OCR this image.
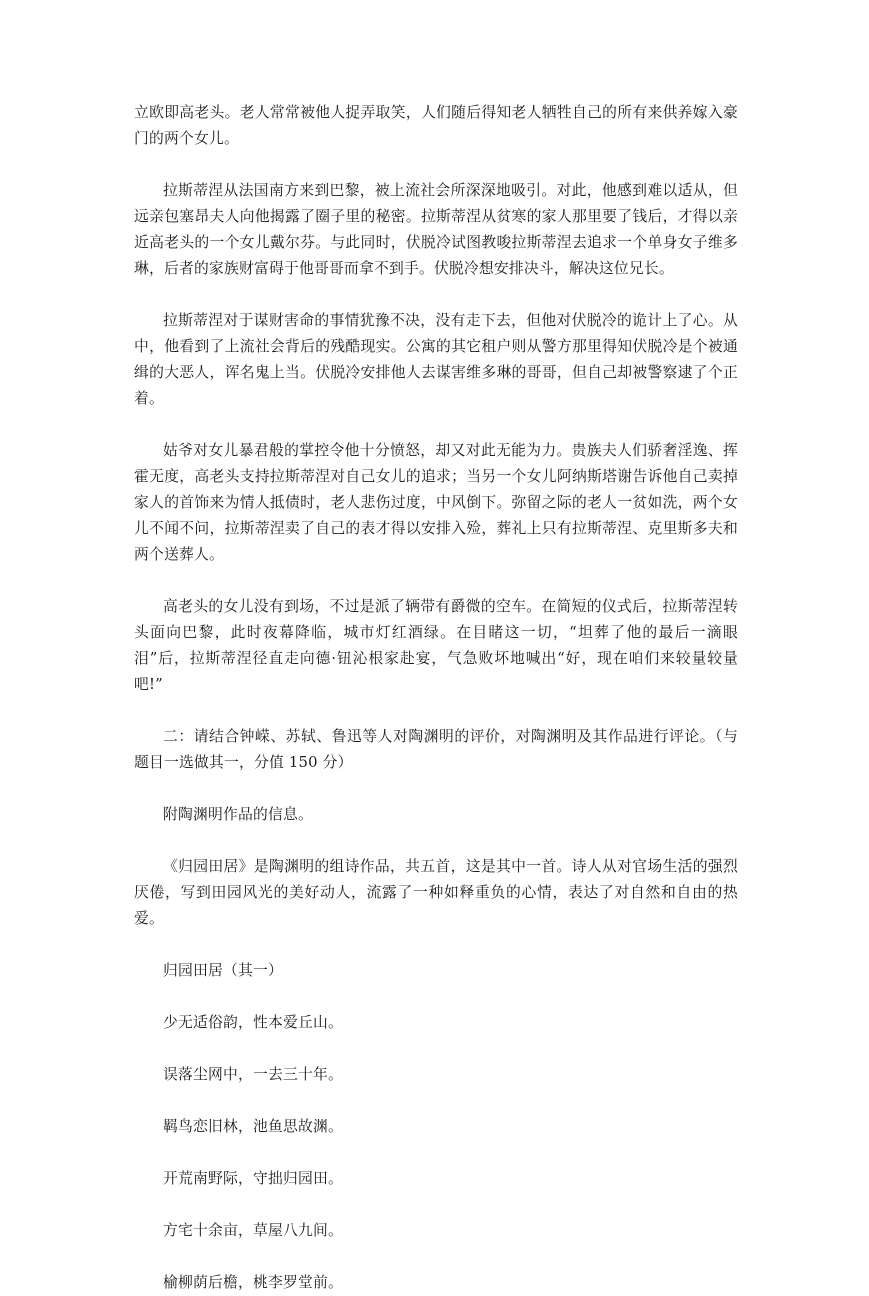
立欧即高老头。老人常常被他人捉弄取笑，人们随后得知老人牺牲自己的所有来供养嫁入豪门的两个女儿。

拉斯蒂涅从法国南方来到巴黎，被上流社会所深深地吸引。对此，他感到难以适从，但远亲包塞昂夫人向他揭露了圈子里的秘密。拉斯蒂涅从贫寒的家人那里要了钱后，才得以亲近高老头的一个女儿戴尔芬。与此同时，伏脱冷试图教唆拉斯蒂涅去追求一个单身女子维多琳，后者的家族财富碍于他哥哥而拿不到手。伏脱冷想安排决斗，解决这位兄长。

拉斯蒂涅对于谋财害命的事情犹豫不决，没有走下去，但他对伏脱冷的诡计上了心。从中，他看到了上流社会背后的残酷现实。公寓的其它租户则从警方那里得知伏脱冷是个被通缉的大恶人，诨名鬼上当。伏脱冷安排他人去谋害维多琳的哥哥，但自己却被警察逮了个正着。

姑爷对女儿暴君般的掌控令他十分愤怒，却又对此无能为力。贵族夫人们骄奢淫逸、挥霍无度，高老头支持拉斯蒂涅对自己女儿的追求；当另一个女儿阿纳斯塔谢告诉他自己卖掉家人的首饰来为情人抵债时，老人悲伤过度，中风倒下。弥留之际的老人一贫如洗，两个女儿不闻不问，拉斯蒂涅卖了自己的表才得以安排入殓，葬礼上只有拉斯蒂涅、克里斯多夫和两个送葬人。

高老头的女儿没有到场，不过是派了辆带有爵微的空车。在简短的仪式后，拉斯蒂涅转头面向巴黎，此时夜幕降临，城市灯红酒绿。在目睹这一切，“坦葬了他的最后一滴眼泪”后，拉斯蒂涅径直走向德·钮沁根家赴宴，气急败坏地喊出“好，现在咱们来较量较量吧!”

二：请结合钟嵘、苏轼、鲁迅等人对陶渊明的评价，对陶渊明及其作品进行评论。（与题目一选做其一，分值 150 分）

附陶渊明作品的信息。

《归园田居》是陶渊明的组诗作品，共五首，这是其中一首。诗人从对官场生活的强烈厌倦，写到田园风光的美好动人，流露了一种如释重负的心情，表达了对自然和自由的热爱。

归园田居（其一）

少无适俗韵，性本爱丘山。

误落尘网中，一去三十年。

羁鸟恋旧林，池鱼思故渊。

开荒南野际，守拙归园田。

方宅十余亩，草屋八九间。

榆柳荫后檐，桃李罗堂前。
